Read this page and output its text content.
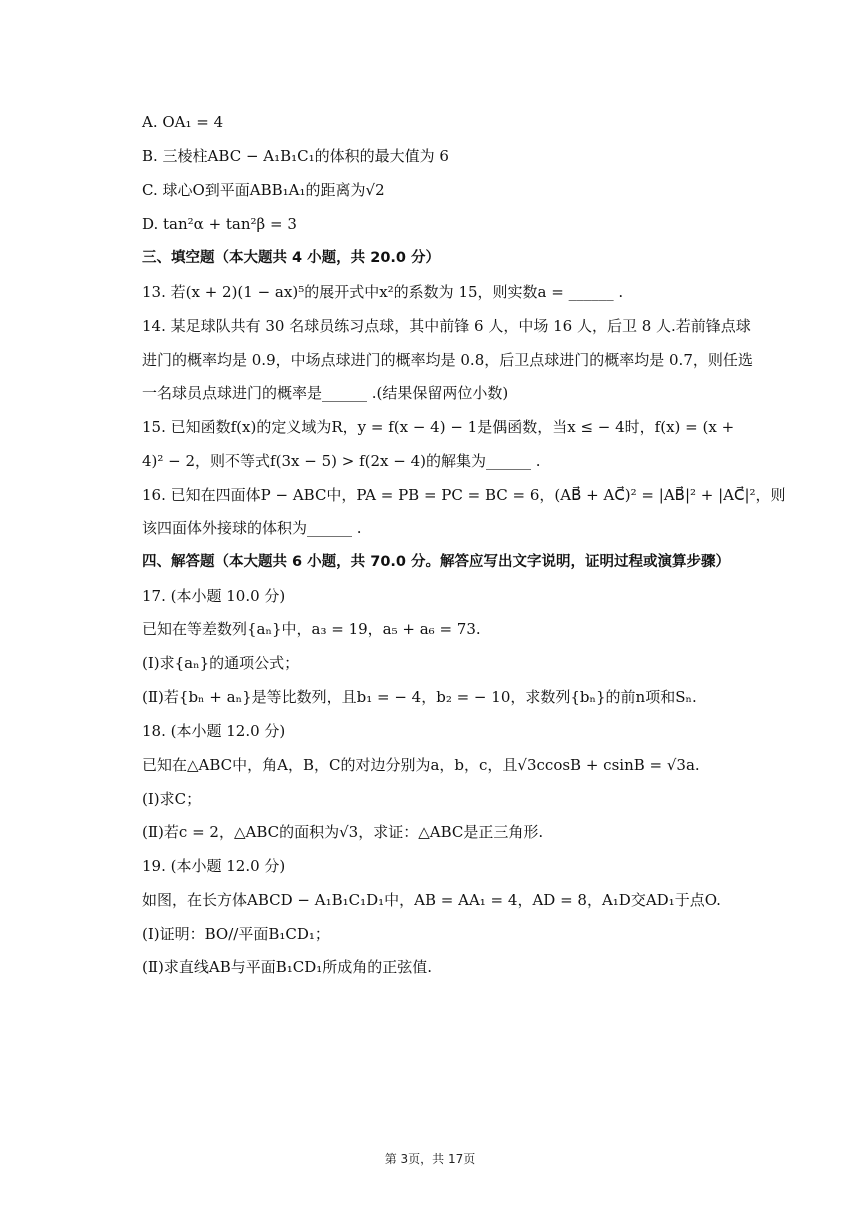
A. OA₁ = 4
B. 三棱柱ABC − A₁B₁C₁的体积的最大值为 6
C. 球心O到平面ABB₁A₁的距离为√2
D. tan²α + tan²β = 3
三、填空题（本大题共 4 小题，共 20.0 分）
13. 若(x + 2)(1 − ax)⁵的展开式中x²的系数为 15，则实数a = ______ .
14. 某足球队共有 30 名球员练习点球，其中前锋 6 人，中场 16 人，后卫 8 人.若前锋点球
进门的概率均是 0.9，中场点球进门的概率均是 0.8，后卫点球进门的概率均是 0.7，则任选
一名球员点球进门的概率是______ .(结果保留两位小数)
15. 已知函数f(x)的定义域为R，y = f(x − 4) − 1是偶函数，当x ≤ − 4时，f(x) = (x +
4)² − 2，则不等式f(3x − 5) > f(2x − 4)的解集为______ .
16. 已知在四面体P − ABC中，PA = PB = PC = BC = 6，(AB⃗ + AC⃗)² = |AB⃗|² + |AC⃗|²，则
该四面体外接球的体积为______ .
四、解答题（本大题共 6 小题，共 70.0 分。解答应写出文字说明，证明过程或演算步骤）
17. (本小题 10.0 分)
已知在等差数列{aₙ}中，a₃ = 19，a₅ + a₆ = 73.
(Ⅰ)求{aₙ}的通项公式；
(Ⅱ)若{bₙ + aₙ}是等比数列，且b₁ = − 4，b₂ = − 10，求数列{bₙ}的前n项和Sₙ.
18. (本小题 12.0 分)
已知在△ABC中，角A，B，C的对边分别为a，b，c，且√3ccosB + csinB = √3a.
(Ⅰ)求C；
(Ⅱ)若c = 2，△ABC的面积为√3，求证：△ABC是正三角形.
19. (本小题 12.0 分)
如图，在长方体ABCD − A₁B₁C₁D₁中，AB = AA₁ = 4，AD = 8，A₁D交AD₁于点O.
(Ⅰ)证明：BO//平面B₁CD₁；
(Ⅱ)求直线AB与平面B₁CD₁所成角的正弦值.
第 3页，共 17页
